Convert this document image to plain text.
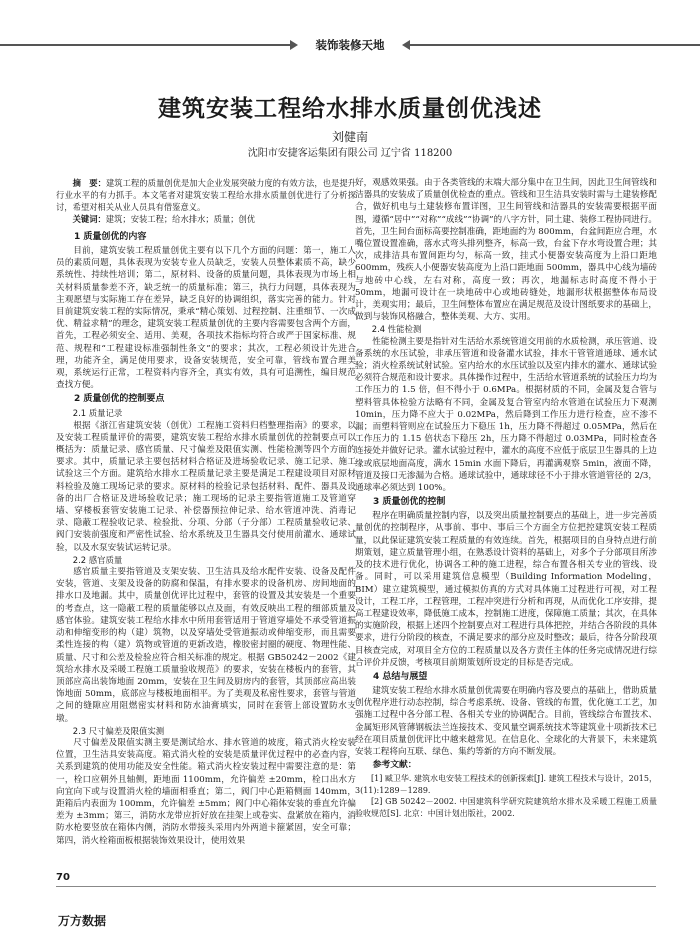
装饰装修天地
建筑安装工程给水排水质量创优浅述
刘健南
沈阳市安捷客运集团有限公司 辽宁省 118200

摘　要：建筑工程的质量创优是加大企业发展突破力度的有效方法，也是提升行业水平的有力抓手。本文笔者对建筑安装工程给水排水质量创优进行了分析探讨，希望对相关从业人员具有借鉴意义。

关键词：建筑；安装工程；给水排水；质量；创优

1 质量创优的内容

目前，建筑安装工程质量创优主要有以下几个方面的问题：第一，施工人员的素质问题，具体表现为安装专业人员缺乏，安装人员整体素质不高，缺少系统性、持续性培训；第二，原材料、设备的质量问题，具体表现为市场上相关材料质量参差不齐，缺乏统一的质量标准；第三，执行力问题，具体表现为主观愿望与实际施工存在差异，缺乏良好的协调组织，落实完善的能力。针对目前建筑安装工程的实际情况，秉承“精心策划、过程控制、注重细节、一次成优、精益求精”的理念，建筑安装工程质量创优的主要内容需要包含两个方面，首先，工程必须安全、适用、美观，各项技术指标均符合或严于国家标准、规范、规程和“工程建设标准强制性条文”的要求；其次，工程必须设计先进合理，功能齐全，满足使用要求，设备安装规范，安全可靠，管线布置合理美观，系统运行正常，工程资料内容齐全，真实有效，具有可追溯性，编目规范查找方便。

2 质量创优的控制要点
2.1 质量记录

根据《浙江省建筑安装（创优）工程施工资料归档整理指南》的要求，以及安装工程质量评价的需要，建筑安装工程给水排水质量创优的控制要点可以概括为：质量记录、感官质量、尺寸偏差及限值实测、性能检测等四个方面的要求。其中，质量记录主要包括材料合格证及进场验收记录、施工记录、施工试验这三个方面。建筑给水排水工程质量记录主要是满足工程建设项目对原材料检验及施工现场记录的要求。原材料的检验记录包括材料、配件、器具及设备的出厂合格证及进场验收记录；施工现场的记录主要指管道施工及管道穿墙、穿楼板套管安装施工记录、补偿器预拉伸记录、给水管道冲洗、消毒记录、隐蔽工程验收记录、检验批、分项、分部（子分部）工程质量验收记录、阀门安装前强度和严密性试验、给水系统及卫生器具交付使用前灌水、通球试验，以及水泵安装试运转记录。

2.2 感官质量

感官质量主要指管道及支架安装、卫生洁具及给水配件安装、设备及配件安装，管道、支架及设备的防腐和保温，有排水要求的设备机房、房间地面的排水口及地漏。其中，质量创优评比过程中，套管的设置及其安装是一个重要的考查点，这一隐蔽工程的质量能够以点及面，有效反映出工程的细部质量及感官体验。建筑安装工程给水排水中所用套管适用于管道穿墙处不承受管道振动和伸缩变形的构（建）筑物，以及穿墙处受管道振动或伸缩变形，而且需要柔性连接的构（建）筑物或管道的更新改造，橡胶密封圈的硬度、物理性能、质量、尺寸和公差及检验应符合相关标准的规定。根据 GB50242－2002《建筑给水排水及采暖工程施工质量验收规范》的要求，安装在楼板内的套管，其顶部应高出装饰地面 20mm，安装在卫生间及厨房内的套管，其顶部应高出装饰地面 50mm，底部应与楼板地面相平。为了美观及私密性要求，套管与管道之间的缝隙应用阻燃密实材料和防水油膏填实，同时在套管上部设置防水支墩。

2.3 尺寸偏差及限值实测

尺寸偏差及限值实测主要是测试给水、排水管道的坡度，箱式消火栓安装位置，卫生洁具安装高度。箱式消火栓的安装是质量评优过程中的必查内容，关系到建筑的使用功能及安全性能。箱式消火栓安装过程中需要注意的是：第一，栓口应朝外且轴侧，距地面 1100mm，允许偏差 ±20mm，栓口出水方向宜向下或与设置消火栓的墙面相垂直；第二，阀门中心距箱侧面 140mm，距箱后内表面为 100mm，允许偏差 ±5mm；阀门中心箱体安装的垂直允许偏差为 ±3mm；第三，消防水龙带应折好放在挂架上或卷实、盘紧放在箱内，消防水枪要竖放在箱体内侧，消防水带接头采用内外两道卡箍紧固，安全可靠；第四，消火栓箱面板根据装饰效果设计，使用效果

好，观感效果强。由于各类管线的末端大部分集中在卫生间，因此卫生间管线和洁器具的安装成了质量创优检查的重点。管线和卫生洁具安装时需与土建装修配合，做好机电与土建装修布置详图，卫生间管线和洁器具的安装需要根据平面图，遵循“居中”“对称”“成线”“协调”的八字方针，同土建、装修工程协同进行。首先，卫生间台面标高要控制准确，距地面约为 800mm，台盆间距应合理，水嘴位置设置准确，落水式弯头排列整齐，标高一致，台盆下存水弯设置合理；其次，成排洁具布置间距均匀，标高一致，挂式小便器安装高度为上沿口距地 600mm，残疾人小便器安装高度为上沿口距地面 500mm，器具中心线为墙砖与地砖中心线，左右对称，高度一致；再次，地漏标志时高度不得小于 50mm，地漏可设计在一块地砖中心或地砖缝处，地漏形状根据整体布局设计，美观实用；最后，卫生间整体布置应在满足规范及设计图纸要求的基础上，做到与装饰风格融合，整体美观、大方、实用。

2.4 性能检测

性能检测主要是指针对生活给水系统管道交用前的水质检测，承压管道、设备系统的水压试验，非承压管道和设备灌水试验，排水干管管道通球、通水试验；消火栓系统试射试验。室内给水的水压试验以及室内排水的灌水、通球试验必须符合规范和设计要求。具体操作过程中，生活给水管道系统的试验压力均为工作压力的 1.5 倍，但不得小于 0.6MPa。根据材质的不同，金属及复合管与塑料管具体检验方法略有不同，金属及复合管室内给水管道在试验压力下观测 10min，压力降不应大于 0.02MPa，然后降到工作压力进行检查，应不渗不漏；而塑料管则应在试验压力下稳压 1h，压力降不得超过 0.05MPa，然后在工作压力的 1.15 倍状态下稳压 2h，压力降不得超过 0.03MPa，同时检查各连接处并做好记录。灌水试验过程中，灌水的高度不应低于底层卫生器具的上边缘或底层地面高度，满水 15min 水面下降后，再灌满观察 5min，液面不降，管道及接口无渗漏为合格。通球试验中，通球球径不小于排水管道管径的 2/3，通球率必须达到 100%。

3 质量创优的控制

程序在明确质量控制内容，以及突出质量控制要点的基础上，进一步完善质量创优的控制程序，从事前、事中、事后三个方面全方位把控建筑安装工程质量，以此保证建筑安装工程质量的有效连续。首先，根据项目的自身特点进行前期策划，建立质量管理小组，在熟悉设计资料的基础上，对多个子分部项目所涉及的技术进行优化，协调各工种的施工进程，综合布置各相关专业的管线、设备。同时，可以采用建筑信息模型（Building Information Modeling，BIM）建立建筑模型，通过模拟仿真的方式对具体施工过程进行可视，对工程设计，工程工序，工程管理，工程冲突进行分析和再现，从而优化工序安排，提高工程建设效率，降低施工成本，控制施工进度，保障施工质量；其次，在具体的实施阶段，根据上述四个控制要点对工程进行具体把控，并结合各阶段的具体要求，进行分阶段的核查，不满足要求的部分应及时整改；最后，待各分阶段项目核查完成，对项目全方位的工程质量以及各方责任主体的任务完成情况进行综合评价并反馈，考核项目前期策划所设定的目标是否完成。

4 总结与展望

建筑安装工程给水排水质量创优需要在明确内容及要点的基础上，借助质量创优程序进行动态控制，综合考虑系统、设备、管线的布置，优化施工工艺，加强施工过程中各分部工程、各相关专业的协调配合。目前，管线综合布置技术、金属矩形风管薄钢板法兰连接技术、变风量空调系统技术等建筑业十项新技术已经在项目质量创优评比中越来越常见。在信息化、全球化的大背景下，未来建筑安装工程将向互联、绿色、集约等新的方向不断发展。

参考文献：

[1] 臧卫华. 建筑水电安装工程技术的创新探索[J]. 建筑工程技术与设计，2015，3(11):1289－1289.

[2] GB 50242－2002. 中国建筑科学研究院建筑给水排水及采暖工程施工质量验收规范[S]. 北京：中国计划出版社，2002.

70
万方数据
